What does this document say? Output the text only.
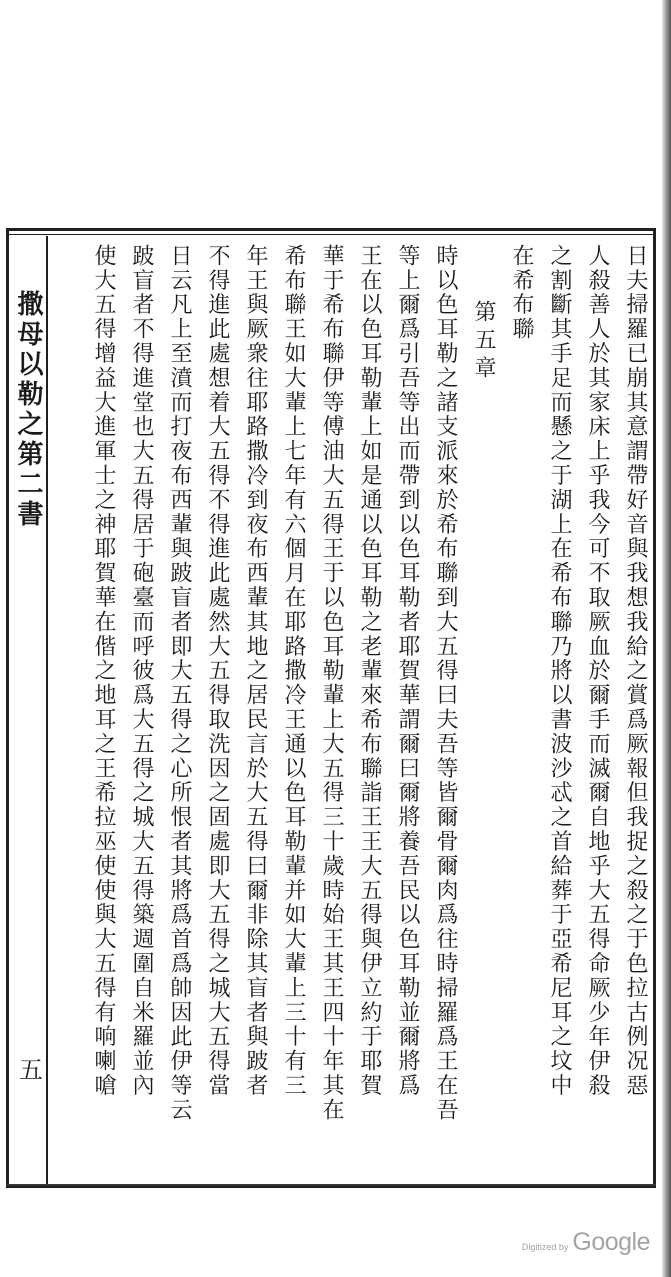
撒母以勒之第二書
五	日夫掃羅已崩其意謂帶好音與我想我給之賞爲厥報但我捉之殺之于色拉古例况惡
人殺善人於其家床上乎我今可不取厥血於爾手而滅爾自地乎大五得命厥少年伊殺
之割斷其手足而懸之于湖上在希布聯乃將以書波沙忒之首給葬于亞希尼耳之坟中
在希布聯
第五章
時以色耳勒之諸支派來於希布聯到大五得曰夫吾等皆爾骨爾肉爲往時掃羅爲王在吾
等上爾爲引吾等出而帶到以色耳勒者耶賀華謂爾曰爾將養吾民以色耳勒並爾將爲
王在以色耳勒輩上如是通以色耳勒之老輩來希布聯詣王王大五得與伊立約于耶賀
華于希布聯伊等傅油大五得王于以色耳勒輩上大五得三十歲時始王其王四十年其在
希布聯王如大輩上七年有六個月在耶路撒冷王通以色耳勒輩并如大輩上三十有三
年王與厥衆往耶路撒冷到夜布西輩其地之居民言於大五得曰爾非除其盲者與跛者
不得進此處想着大五得不得進此處然大五得取洗因之固處即大五得之城大五得當
日云凡上至濆而打夜布西輩與跛盲者即大五得之心所恨者其將爲首爲帥因此伊等云
跛盲者不得進堂也大五得居于砲臺而呼彼爲大五得之城大五得築週圍自米羅並內
使大五得增益大進軍士之神耶賀華在偕之地耳之王希拉巫使使與大五得有响喇嗆
Digitized by Google
